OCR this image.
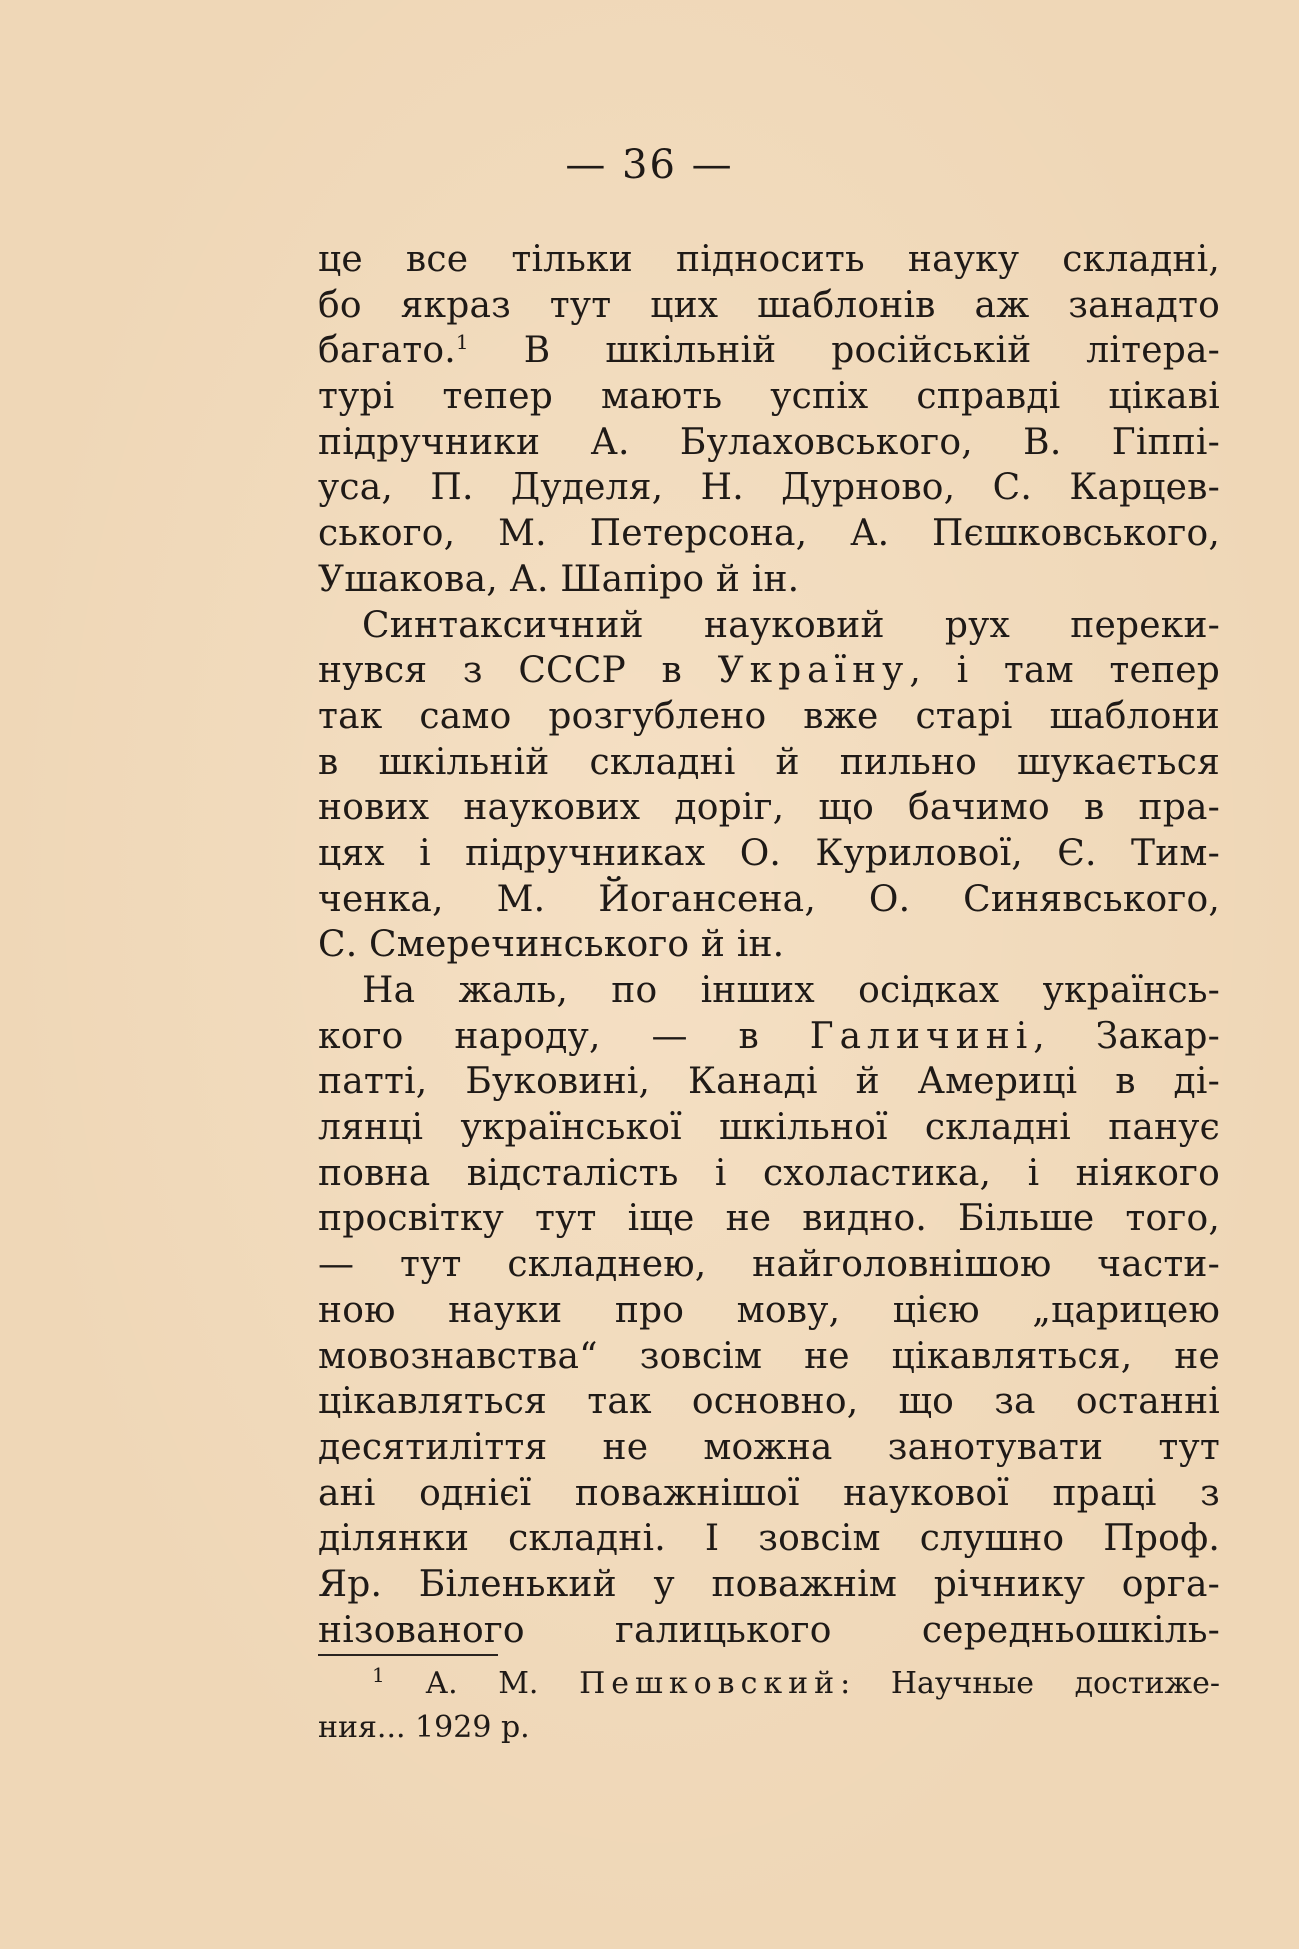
— 36 —
це все тільки підносить науку складні,
бо якраз тут цих шаблонів аж занадто
багато.$^1$ В шкільній російській літера-
турі тепер мають успіх справді цікаві
підручники А. Булаховського, В. Гіппі-
уса, П. Дуделя, Н. Дурново, С. Карцев-
ського, М. Петерсона, А. Пєшковського,
Ушакова, А. Шапіро й ін.
Синтаксичний науковий рух переки-
нувся з СССР в Україну, і там тепер
так само розгублено вже старі шаблони
в шкільній складні й пильно шукається
нових наукових доріг, що бачимо в пра-
цях і підручниках О. Курилової, Є. Тим-
ченка, М. Йогансена, О. Синявського,
С. Смеречинського й ін.
На жаль, по інших осідках українсь-
кого народу, — в Галичині, Закар-
патті, Буковині, Канаді й Америці в ді-
лянці української шкільної складні панує
повна відсталість і схоластика, і ніякого
просвітку тут іще не видно. Більше того,
— тут складнею, найголовнішою части-
ною науки про мову, цією „царицею
мовознавства“ зовсім не цікавляться, не
цікавляться так основно, що за останні
десятиліття не можна занотувати тут
ані однієї поважнішої наукової праці з
ділянки складні. І зовсім слушно Проф.
Яр. Біленький у поважнім річнику орга-
нізованого галицького середньошкіль-
$^1$ А. М. Пешковский: Научные достиже-
ния... 1929 р.
